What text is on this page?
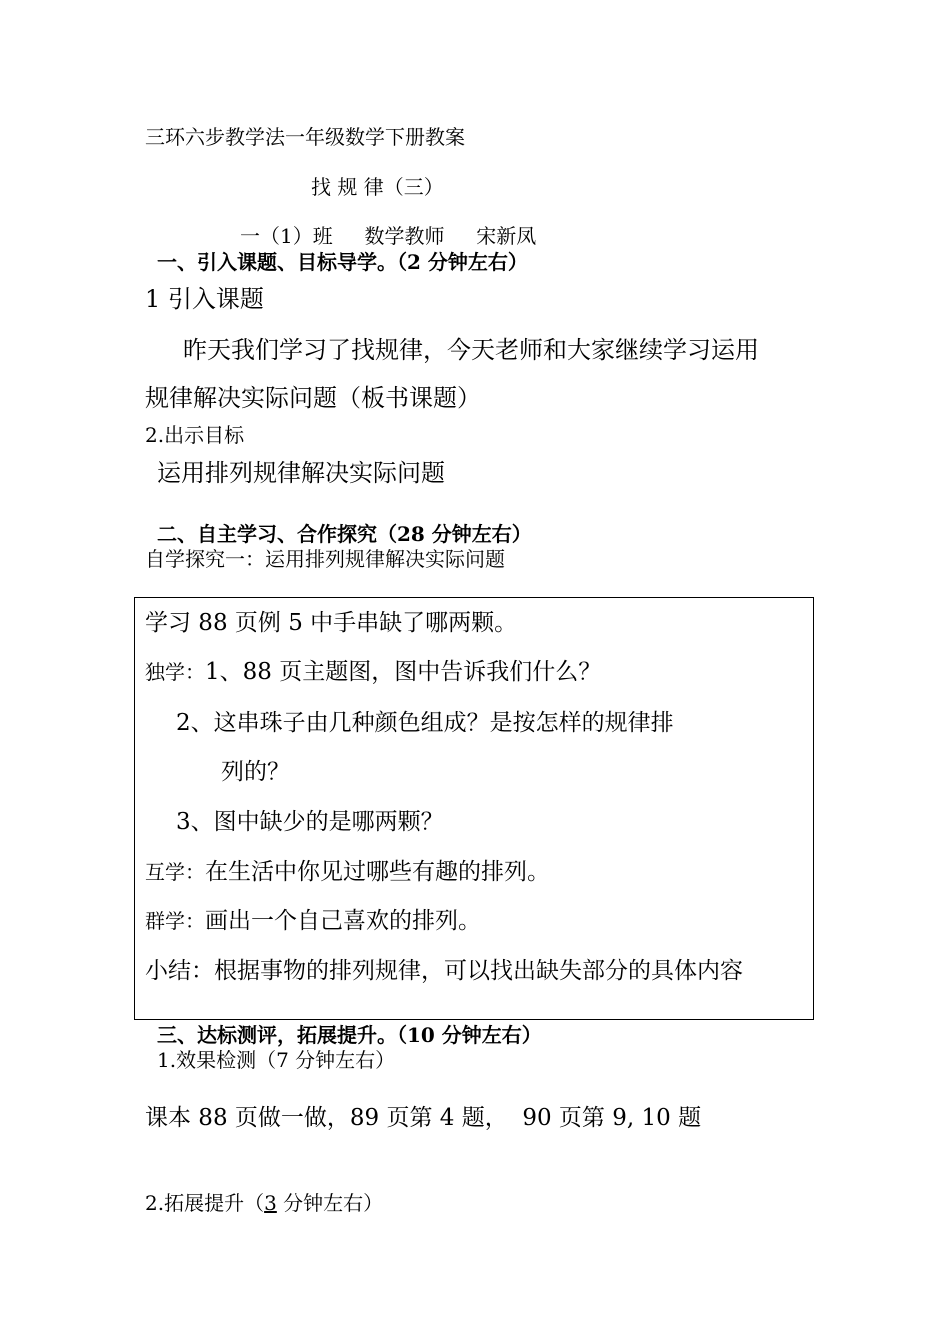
三环六步教学法一年级数学下册教案
找 规 律（三）
一（1）班     数学教师     宋新凤
一、引入课题、目标导学。（2 分钟左右）
1 引入课题
昨天我们学习了找规律，今天老师和大家继续学习运用
规律解决实际问题（板书课题）
2.出示目标
运用排列规律解决实际问题
二、自主学习、合作探究（28 分钟左右）
自学探究一：运用排列规律解决实际问题
学习 88 页例 5 中手串缺了哪两颗。
独学：1、88 页主题图，图中告诉我们什么？
2、这串珠子由几种颜色组成？是按怎样的规律排
列的？
3、图中缺少的是哪两颗？
互学：在生活中你见过哪些有趣的排列。
群学：画出一个自己喜欢的排列。
小结：根据事物的排列规律，可以找出缺失部分的具体内容
三、达标测评，拓展提升。（10 分钟左右）
1.效果检测（7 分钟左右）
课本 88 页做一做，89 页第 4 题，  90 页第 9, 10 题
2.拓展提升（3 分钟左右）
